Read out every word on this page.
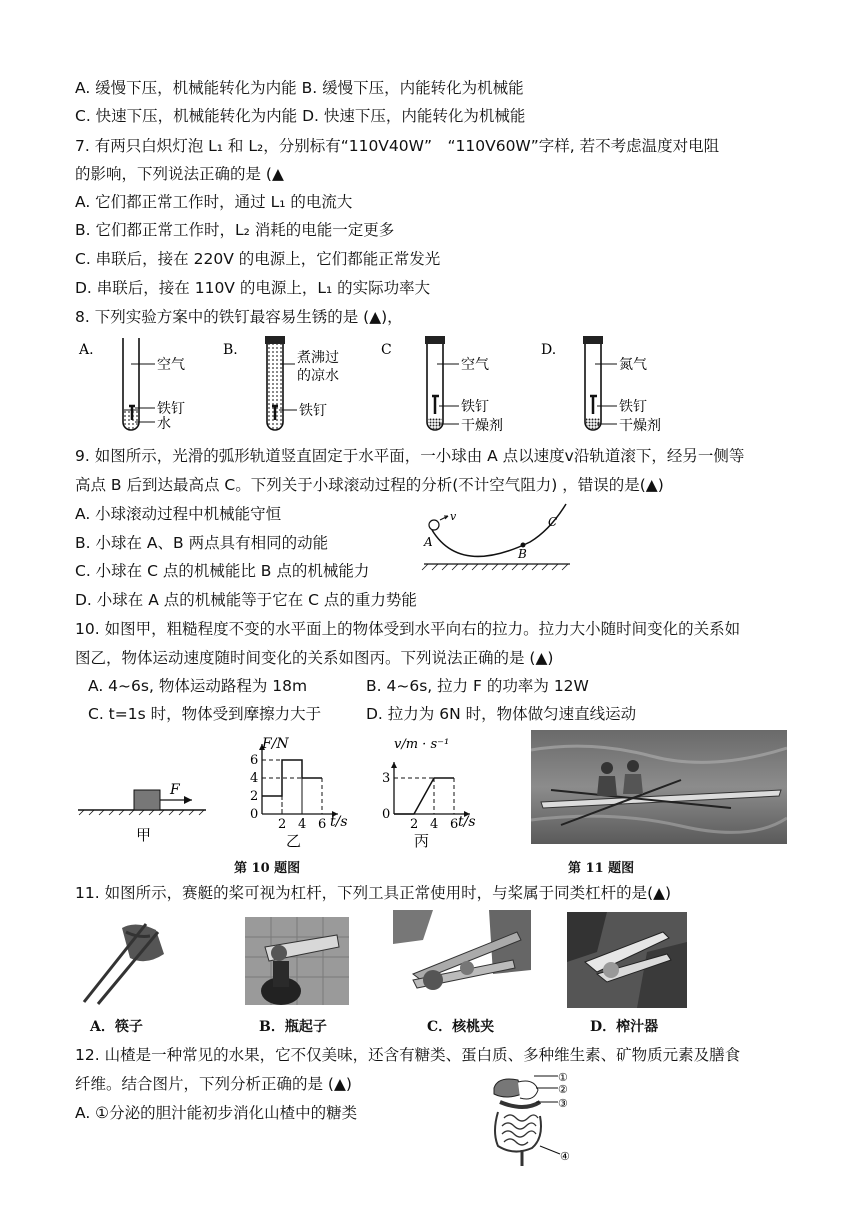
A. 缓慢下压，机械能转化为内能 B. 缓慢下压，内能转化为机械能
C. 快速下压，机械能转化为内能 D. 快速下压，内能转化为机械能
7. 有两只白炽灯泡 L₁ 和 L₂，分别标有“110V40W”　“110V60W”字样, 若不考虑温度对电阻
的影响，下列说法正确的是 (▲
A. 它们都正常工作时，通过 L₁ 的电流大
B. 它们都正常工作时，L₂ 消耗的电能一定更多
C. 串联后，接在 220V 的电源上，它们都能正常发光
D. 串联后，接在 110V 的电源上，L₁ 的实际功率大
8. 下列实验方案中的铁钉最容易生锈的是 (▲)，
A.
空气
铁钉
水
B.	煮沸过
的凉水
铁钉
C
空气
铁钉
干燥剂
D.
氮气
铁钉
干燥剂
9. 如图所示，光滑的弧形轨道竖直固定于水平面，一小球由 A 点以速度v沿轨道滚下，经另一侧等
高点 B 后到达最高点 C。下列关于小球滚动过程的分析(不计空气阻力) ，错误的是(▲)
A. 小球滚动过程中机械能守恒
B. 小球在 A、B 两点具有相同的动能
C. 小球在 C 点的机械能比 B 点的机械能力
D. 小球在 A 点的机械能等于它在 C 点的重力势能
v
A
B
C
10. 如图甲，粗糙程度不变的水平面上的物体受到水平向右的拉力。拉力大小随时间变化的关系如
图乙，物体运动速度随时间变化的关系如图丙。下列说法正确的是 (▲)
A. 4~6s, 物体运动路程为 18m	B. 4~6s, 拉力 F 的功率为 12W
C. t=1s 时，物体受到摩擦力大于	D. 拉力为 6N 时，物体做匀速直线运动
F
甲
2 4 6
6
4
2
0
F/N
t/s
乙
2 4 6
3
0
v/m · s⁻¹
t/s
丙
第 10 题图	第 11 题图
11. 如图所示，赛艇的桨可视为杠杆，下列工具正常使用时，与桨属于同类杠杆的是(▲)
A．筷子	B．瓶起子	C．核桃夹	D．榨汁器
12. 山楂是一种常见的水果，它不仅美味，还含有糖类、蛋白质、多种维生素、矿物质元素及膳食
纤维。结合图片，下列分析正确的是 (▲)
A. ①分泌的胆汁能初步消化山楂中的糖类
①
②
③
④
